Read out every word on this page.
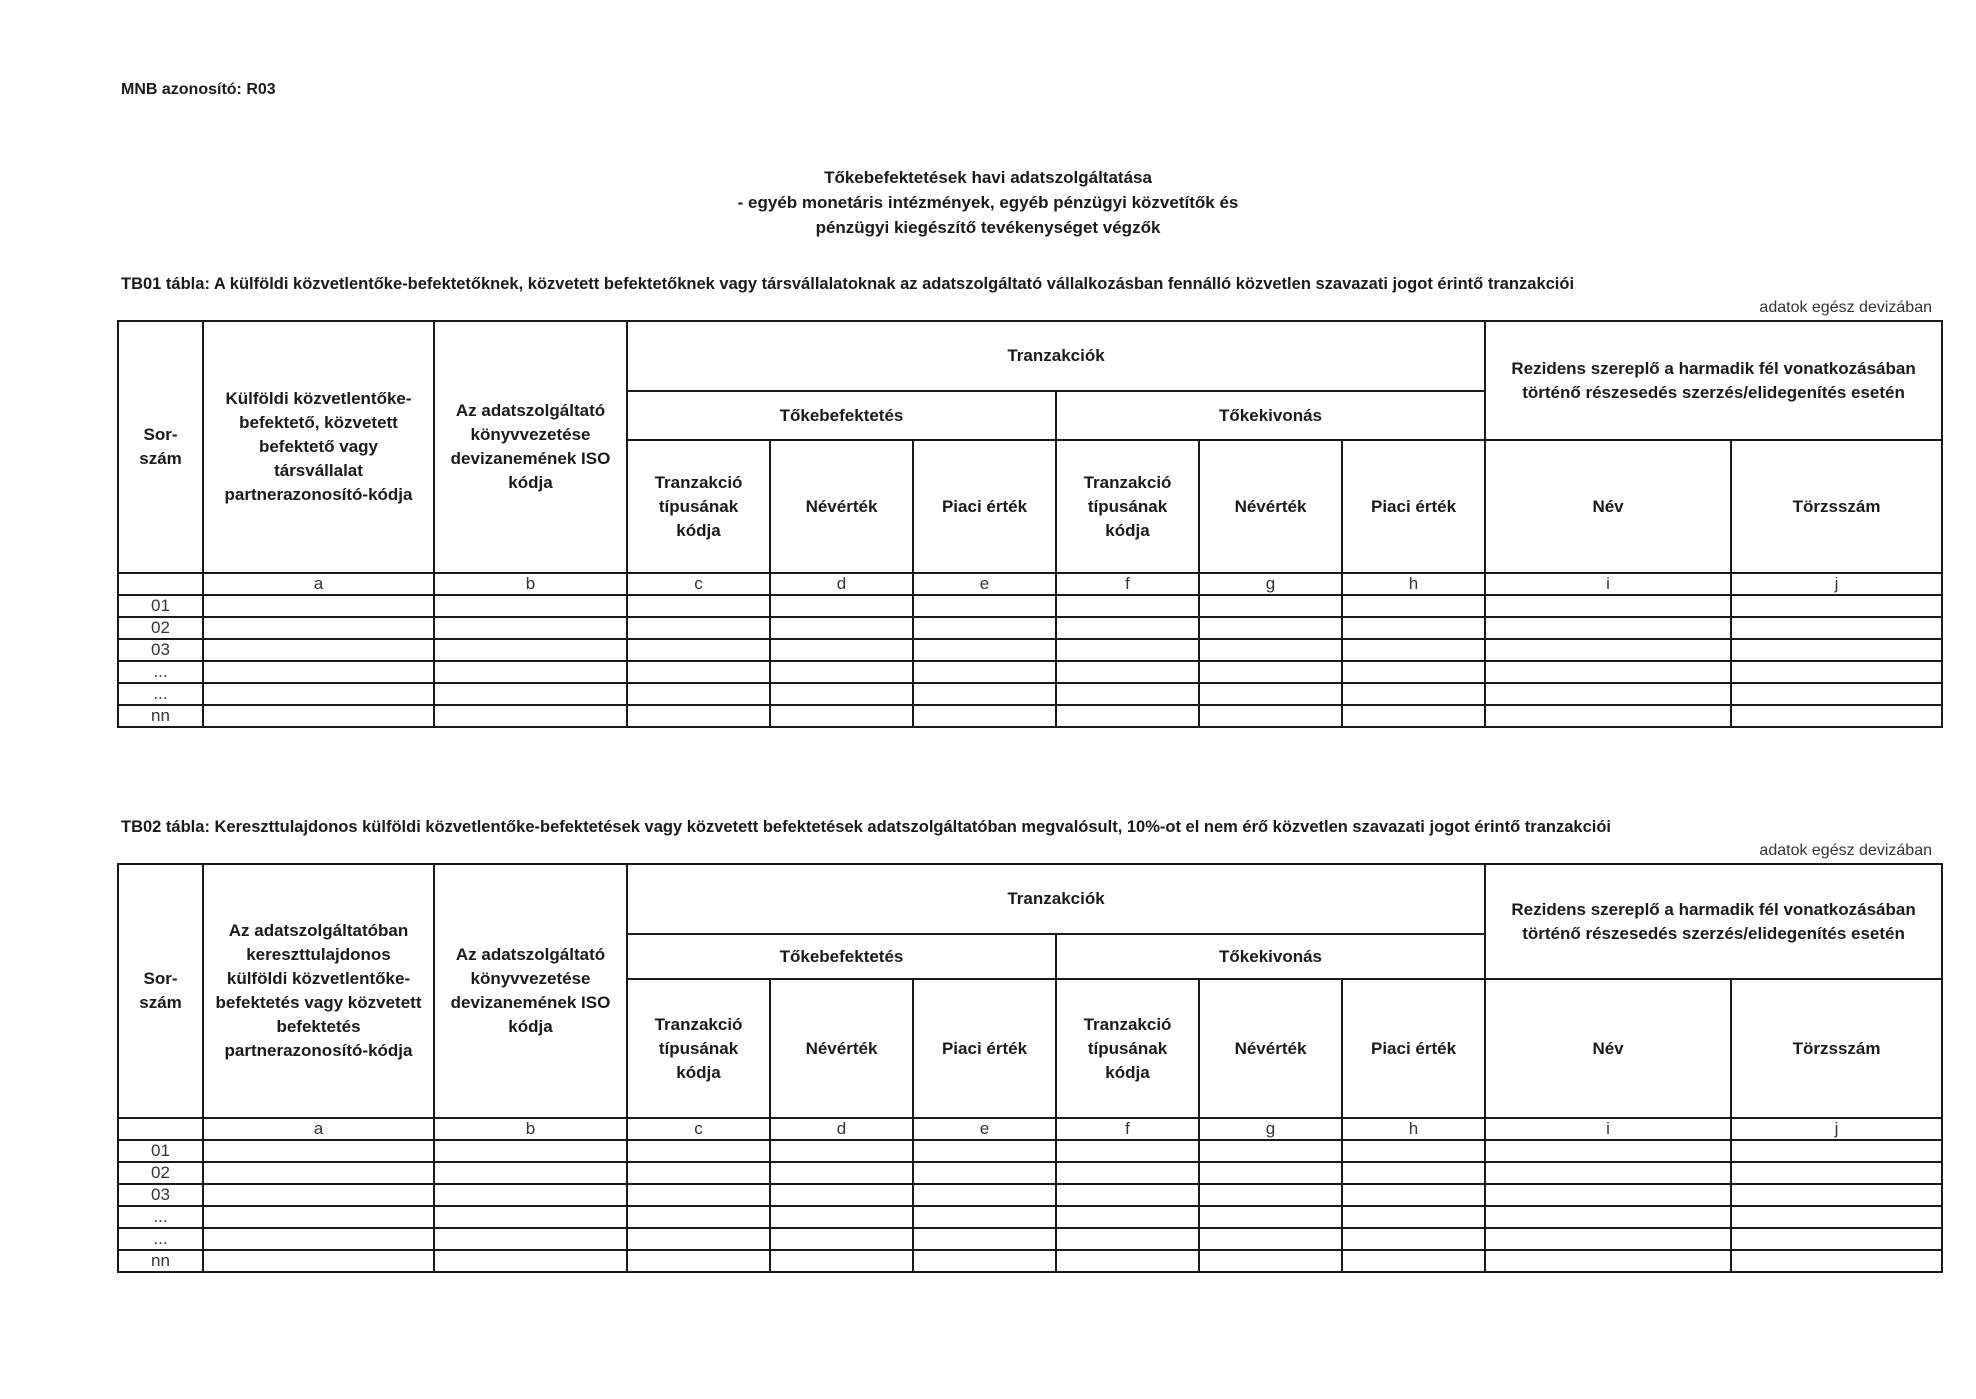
MNB azonosító: R03
Tőkebefektetések havi adatszolgáltatása
- egyéb monetáris intézmények, egyéb pénzügyi közvetítők és
pénzügyi kiegészítő tevékenységet végzők
TB01 tábla: A külföldi közvetlentőke-befektetőknek, közvetett befektetőknek vagy társvállalatoknak az adatszolgáltató vállalkozásban fennálló közvetlen szavazati jogot érintő tranzakciói
adatok egész devizában
Sor-
szám	Külföldi közvetlentőke-befektető, közvetett befektető vagy társvállalat partnerazonosító-kódja	Az adatszolgáltató könyvvezetése devizanemének ISO kódja	Tranzakciók						Rezidens szereplő a harmadik fél vonatkozásában történő részesedés szerzés/elidegenítés esetén	
			Tőkebefektetés			Tőkekivonás				
			Tranzakció típusának kódja	Névérték	Piaci érték	Tranzakció típusának kódja	Névérték	Piaci érték	Név	Törzsszám
	a	b	c	d	e	f	g	h	i	j
01										
02										
03										
...										
...										
nn										
TB02 tábla: Kereszttulajdonos külföldi közvetlentőke-befektetések vagy közvetett befektetések adatszolgáltatóban megvalósult, 10%-ot el nem érő közvetlen szavazati jogot érintő tranzakciói
adatok egész devizában
Sor-
szám	Az adatszolgáltatóban kereszttulajdonos külföldi közvetlentőke-befektetés vagy közvetett befektetés partnerazonosító-kódja	Az adatszolgáltató könyvvezetése devizanemének ISO kódja	Tranzakciók						Rezidens szereplő a harmadik fél vonatkozásában történő részesedés szerzés/elidegenítés esetén	
			Tőkebefektetés			Tőkekivonás				
			Tranzakció típusának kódja	Névérték	Piaci érték	Tranzakció típusának kódja	Névérték	Piaci érték	Név	Törzsszám
	a	b	c	d	e	f	g	h	i	j
01										
02										
03										
...										
...										
nn										
